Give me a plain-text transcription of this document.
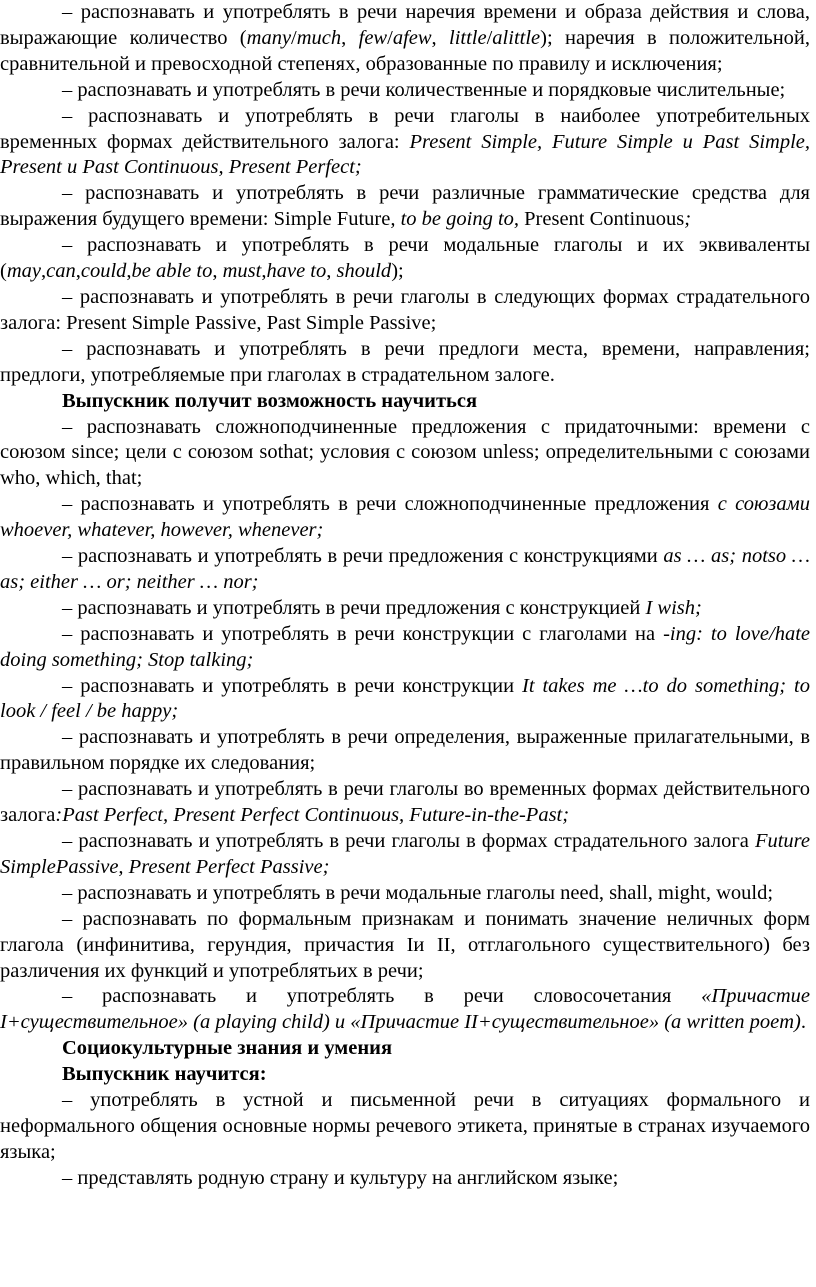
– распознавать и употреблять в речи наречия времени и образа действия и слова, выражающие количество (many/much, few/afew, little/alittle); наречия в положительной, сравнительной и превосходной степенях, образованные по правилу и исключения;

– распознавать и употреблять в речи количественные и порядковые числительные;

– распознавать и употреблять в речи глаголы в наиболее употребительных временных формах действительного залога: Present Simple, Future Simple и Past Simple, Present и Past Continuous, Present Perfect;

– распознавать и употреблять в речи различные грамматические средства для выражения будущего времени: Simple Future, to be going to, Present Continuous;

– распознавать и употреблять в речи модальные глаголы и их эквиваленты (may,can,could,be able to, must,have to, should);

– распознавать и употреблять в речи глаголы в следующих формах страдательного залога: Present Simple Passive, Past Simple Passive;

– распознавать и употреблять в речи предлоги места, времени, направления; предлоги, употребляемые при глаголах в страдательном залоге.

Выпускник получит возможность научиться

– распознавать сложноподчиненные предложения с придаточными: времени с союзом since; цели с союзом sothat; условия с союзом unless; определительными с союзами who, which, that;

– распознавать и употреблять в речи сложноподчиненные предложения с союзами whoever, whatever, however, whenever;

– распознавать и употреблять в речи предложения с конструкциями as … as; notso … as; either … or; neither … nor;

– распознавать и употреблять в речи предложения с конструкцией I wish;

– распознавать и употреблять в речи конструкции с глаголами на -ing: to love/hate doing something; Stop talking;

– распознавать и употреблять в речи конструкции It takes me …to do something; to look / feel / be happy;

– распознавать и употреблять в речи определения, выраженные прилагательными, в правильном порядке их следования;

– распознавать и употреблять в речи глаголы во временных формах действительного залога:Past Perfect, Present Perfect Continuous, Future-in-the-Past;

– распознавать и употреблять в речи глаголы в формах страдательного залога Future SimplePassive, Present Perfect Passive;

– распознавать и употреблять в речи модальные глаголы need, shall, might, would;

– распознавать по формальным признакам и понимать значение неличных форм глагола (инфинитива, герундия, причастия Iи II, отглагольного существительного) без различения их функций и употреблятьих в речи;

– распознавать и употреблять в речи словосочетания «Причастие I+существительное» (a playing child) и «Причастие II+существительное» (a written poem).

Социокультурные знания и умения

Выпускник научится:

– употреблять в устной и письменной речи в ситуациях формального и неформального общения основные нормы речевого этикета, принятые в странах изучаемого языка;

– представлять родную страну и культуру на английском языке;
